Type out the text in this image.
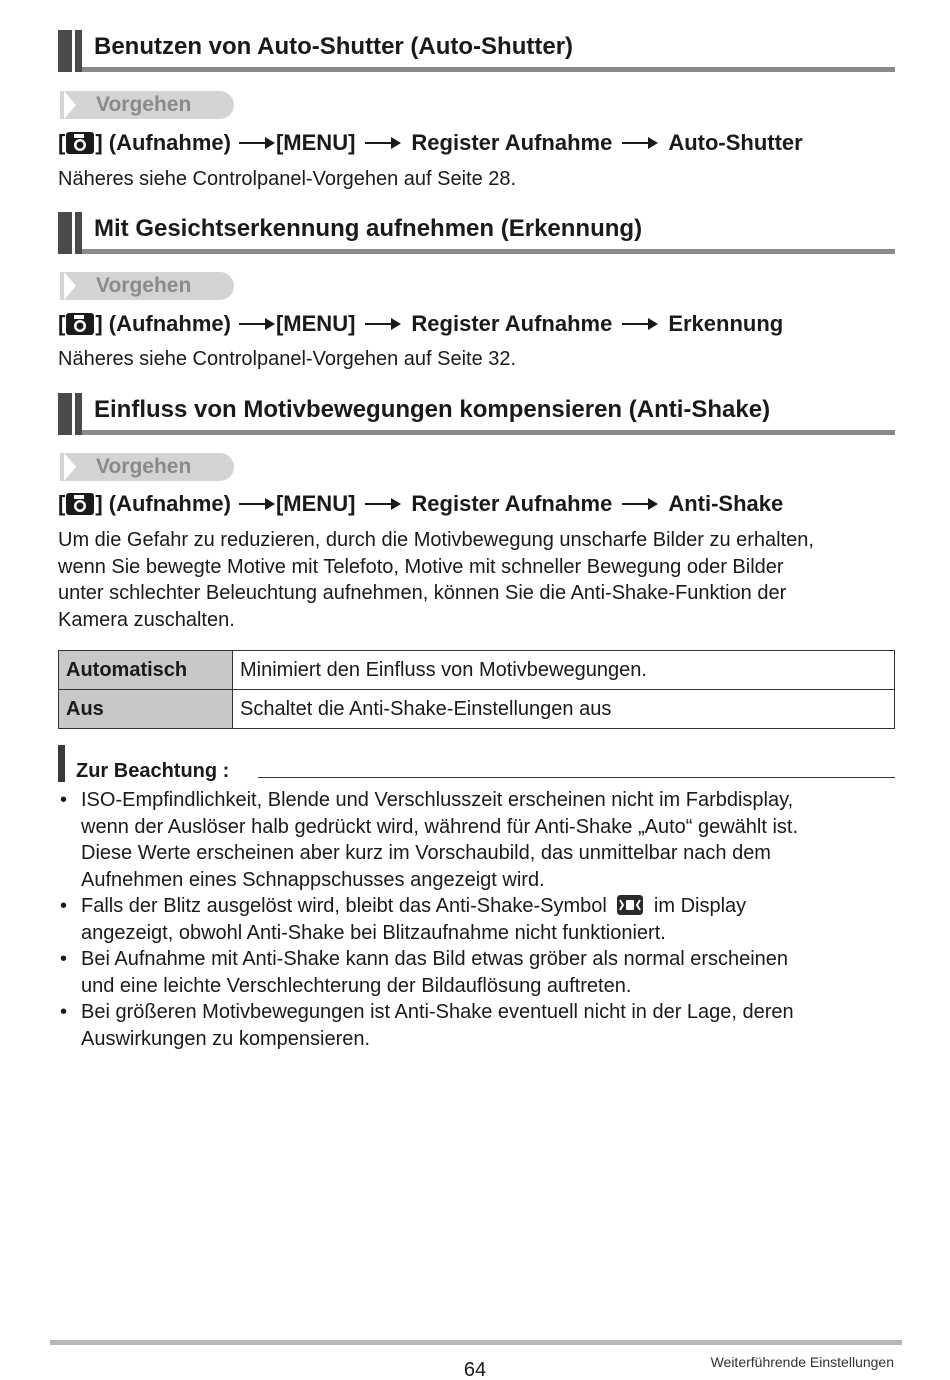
Benutzen von Auto-Shutter (Auto-Shutter)
Vorgehen
[ ] (Aufnahme) [MENU]	Register Aufnahme	Auto-Shutter
Näheres siehe Controlpanel-Vorgehen auf Seite 28.
Mit Gesichtserkennung aufnehmen (Erkennung)
Vorgehen
[ ] (Aufnahme) [MENU]	Register Aufnahme	Erkennung
Näheres siehe Controlpanel-Vorgehen auf Seite 32.
Einfluss von Motivbewegungen kompensieren (Anti-Shake)
Vorgehen
[ ] (Aufnahme) [MENU]	Register Aufnahme	Anti-Shake
Um die Gefahr zu reduzieren, durch die Motivbewegung unscharfe Bilder zu erhalten,
wenn Sie bewegte Motive mit Telefoto, Motive mit schneller Bewegung oder Bilder
unter schlechter Beleuchtung aufnehmen, können Sie die Anti-Shake-Funktion der
Kamera zuschalten.
Automatisch	Minimiert den Einfluss von Motivbewegungen.
Aus	Schaltet die Anti-Shake-Einstellungen aus
Zur Beachtung :
• ISO-Empfindlichkeit, Blende und Verschlusszeit erscheinen nicht im Farbdisplay,
wenn der Auslöser halb gedrückt wird, während für Anti-Shake „Auto“ gewählt ist.
Diese Werte erscheinen aber kurz im Vorschaubild, das unmittelbar nach dem
Aufnehmen eines Schnappschusses angezeigt wird.
• Falls der Blitz ausgelöst wird, bleibt das Anti-Shake-Symbol im Display
angezeigt, obwohl Anti-Shake bei Blitzaufnahme nicht funktioniert.
• Bei Aufnahme mit Anti-Shake kann das Bild etwas gröber als normal erscheinen
und eine leichte Verschlechterung der Bildauflösung auftreten.
• Bei größeren Motivbewegungen ist Anti-Shake eventuell nicht in der Lage, deren
Auswirkungen zu kompensieren.
64	Weiterführende Einstellungen
